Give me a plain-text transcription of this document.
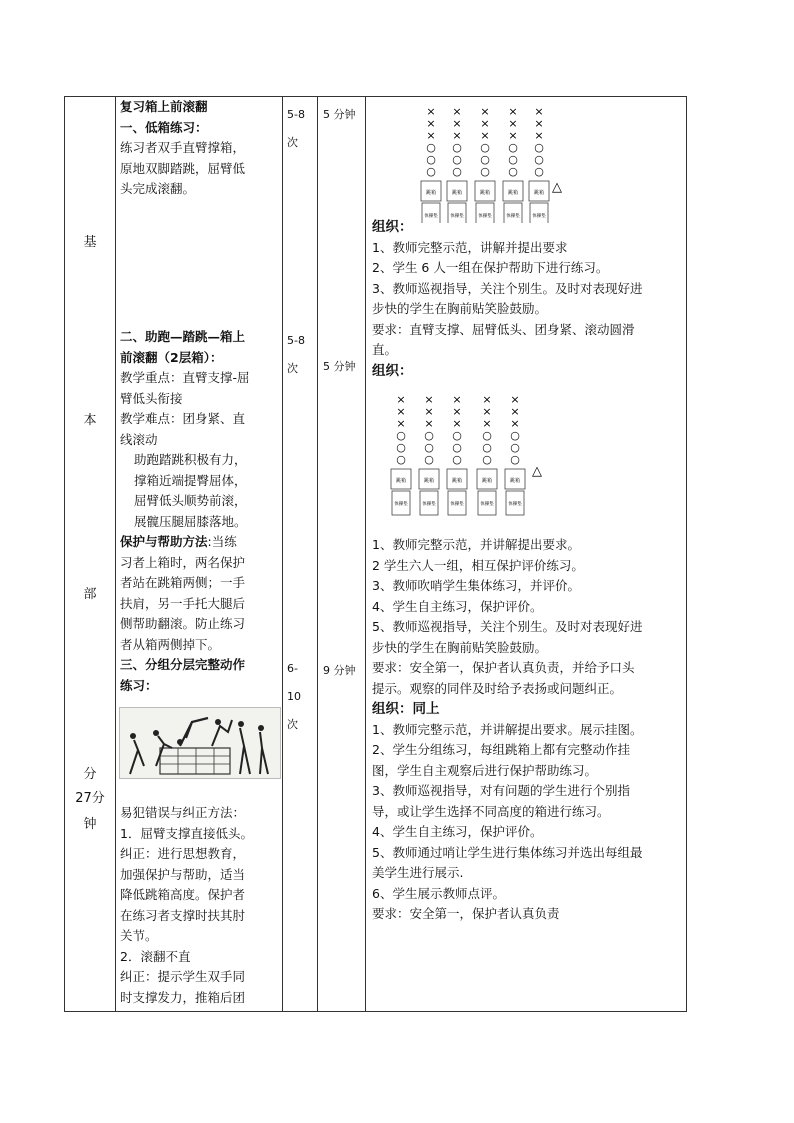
基
本
部
分
27分
钟
复习箱上前滚翻
一、低箱练习：
练习者双手直臂撑箱，
原地双脚踏跳，屈臂低
头完成滚翻。
二、助跑—踏跳—箱上
前滚翻（2层箱）：
教学重点：直臂支撑-屈
臂低头衔接
教学难点：团身紧、直
线滚动
助跑踏跳积极有力，
撑箱近端提臀屈体，
屈臂低头顺势前滚，
展髋压腿屈膝落地。
保护与帮助方法:当练
习者上箱时，两名保护
者站在跳箱两侧；一手
扶肩，另一手托大腿后
侧帮助翻滚。防止练习
者从箱两侧掉下。
三、分组分层完整动作
练习：
易犯错误与纠正方法：
1．屈臂支撑直接低头。
纠正：进行思想教育，
加强保护与帮助，适当
降低跳箱高度。保护者
在练习者支撑时扶其肘
关节。
2．滚翻不直
纠正：提示学生双手同
时支撑发力，推箱后团
5-8
次
5-8
次
6-
10
次
5 分钟
5 分钟
9 分钟
×
×
×
○
○
○
跳箱
体操垫
×
×
×
○
○
○
跳箱
体操垫
×
×
×
○
○
○
跳箱
体操垫
×
×
×
○
○
○
跳箱
体操垫
×
×
×
○
○
○
跳箱
体操垫
△
组织：
1、教师完整示范，讲解并提出要求
2、学生 6 人一组在保护帮助下进行练习。
3、教师巡视指导，关注个别生。及时对表现好进
步快的学生在胸前贴笑脸鼓励。
要求：直臂支撑、屈臂低头、团身紧、滚动圆滑
直。
组织：
×
×
×
○
○
○
跳箱
体操垫
×
×
×
○
○
○
跳箱
体操垫
×
×
×
○
○
○
跳箱
体操垫
×
×
×
○
○
○
跳箱
体操垫
×
×
×
○
○
○
跳箱
体操垫
△
1、教师完整示范，并讲解提出要求。
2 学生六人一组，相互保护评价练习。
3、教师吹哨学生集体练习，并评价。
4、学生自主练习，保护评价。
5、教师巡视指导，关注个别生。及时对表现好进
步快的学生在胸前贴笑脸鼓励。
要求：安全第一，保护者认真负责，并给予口头
提示。观察的同伴及时给予表扬或问题纠正。
组织：同上
1、教师完整示范，并讲解提出要求。展示挂图。
2、学生分组练习，每组跳箱上都有完整动作挂
图，学生自主观察后进行保护帮助练习。
3、教师巡视指导，对有问题的学生进行个别指
导，或让学生选择不同高度的箱进行练习。
4、学生自主练习，保护评价。
5、教师通过哨让学生进行集体练习并选出每组最
美学生进行展示.
6、学生展示教师点评。
要求：安全第一，保护者认真负责
